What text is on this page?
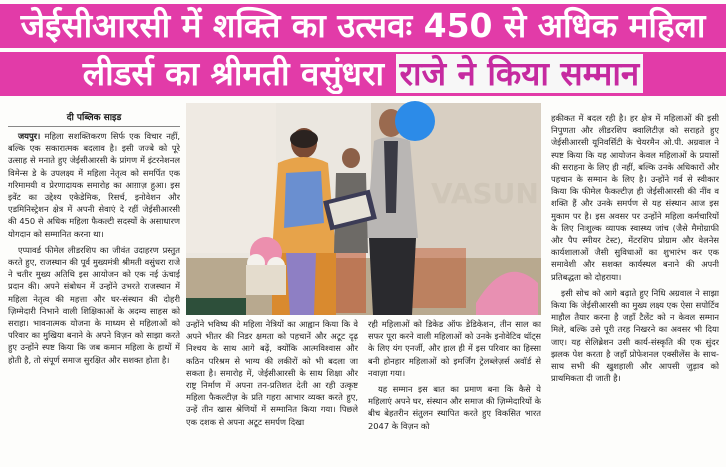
जेईसीआरसी में शक्ति का उत्सवः 450 से अधिक महिला
लीडर्स का श्रीमती वसुंधरा राजे ने किया सम्मान
दी पब्लिक साइड

जयपुर। महिला सशक्तिकरण सिर्फ एक विचार नहीं, बल्कि एक सकारात्मक बदलाव है। इसी जज्बे को पूरे उत्साह से मनाते हुए जेईसीआरसी के प्रांगण में इंटरनेशनल विमेन्स डे के उपलक्ष्य में महिला नेतृत्व को समर्पित एक गरिमामयी व प्रेरणादायक समारोह का आग़ाज़ हुआ। इस इवेंट का उद्देश्य एकेडेमिक, रिसर्च, इनोवेशन और एडमिनिस्ट्रेशन क्षेत्र में अपनी सेवाएं दे रहीं जेईसीआरसी की 450 से अधिक महिला फैकल्टी सदस्यों के असाधारण योगदान को सम्मानित करना था।

एप्पावर्ड फीमेल लीडरशिप का जीवंत उदाहरण प्रस्तुत करते हुए, राजस्थान की पूर्व मुख्यमंत्री श्रीमती वसुंधरा राजे ने चतीर मुख्य अतिथि इस आयोजन को एक नई ऊंचाई प्रदान की। अपने संबोधन में उन्होंने उभरते राजस्थान में महिला नेतृत्व की महत्ता और घर-संस्थान की दोहरी ज़िम्मेदारी निभाने वाली शिक्षिकाओं के अदम्य साहस को सराहा। भावनात्मक योजना के माध्यम से महिलाओं को परिवार का मुखिया बनाने के अपने विज़न को साझा करते हुए उन्होंने स्पष्ट किया कि जब कमान महिला के हाथों में होती है, तो संपूर्ण समाज सुरक्षित और सशक्त होता है।

VASUN
उन्होंने भविष्य की महिला नेत्रियों का आह्वान किया कि वे अपने भीतर की निडर क्षमता को पहचानें और अटूट दृढ़ निश्चय के साथ आगे बढ़ें, क्योंकि आत्मविश्वास और कठिन परिश्रम से भाग्य की लकीरों को भी बदला जा सकता है। समारोह में, जेईसीआरसी के साथ शिक्षा और राष्ट्र निर्माण में अपना तन-प्रतिशत देती आ रही उत्कृष्ट महिला फैकल्टीज़ के प्रति गहरा आभार व्यक्त करते हुए, उन्हें तीन खास श्रेणियों में सम्मानित किया गया। पिछले एक दशक से अपना अटूट समर्पण दिखा
रही महिलाओं को डिकेड ऑफ डेडिकेशन, तीन साल का सफर पूरा करने वाली महिलाओं को उनके इनोवेटिव थॉट्स के लिए यंग एनर्जी, और हाल ही में इस परिवार का हिस्सा बनी होनहार महिलाओं को इमर्जिंग ट्रेलब्लेज़र्स अवॉर्ड से नवाज़ा गया।
यह सम्मान इस बात का प्रमाण बना कि कैसे ये महिलाएं अपने घर, संस्थान और समाज की ज़िम्मेदारियों के बीच बेहतरीन संतुलन स्थापित करते हुए विकसित भारत 2047 के विज़न को

हकीकत में बदल रही है। हर क्षेत्र में महिलाओं की इसी निपुणता और लीडरशिप क्वालिटीज़ को सराहते हुए जेईसीआरसी यूनिवर्सिटी के चेयरमैन ओ.पी. अग्रवाल ने स्पष्ट किया कि यह आयोजन केवल महिलाओं के प्रयासों की सराहना के लिए ही नहीं, बल्कि उनके अधिकारों और पहचान के सम्मान के लिए है। उन्होंने गर्व से स्वीकार किया कि फीमेल फैकल्टीज़ ही जेईसीआरसी की नींव व शक्ति हैं और उनके समर्पण से यह संस्थान आज इस मुकाम पर है। इस अवसर पर उन्होंने महिला कर्मचारियों के लिए निःशुल्क व्यापक स्वास्थ्य जांच (जैसे मैमोग्राफी और पैप स्मीयर टेस्ट), मेंटरशिप प्रोग्राम और वेलनेस कार्यशालाओं जैसी सुविधाओं का शुभारंभ कर एक समावेशी और सशक्त कार्यस्थल बनाने की अपनी प्रतिबद्धता को दोहराया।

इसी सोच को आगे बढ़ाते हुए निधि अग्रवाल ने साझा किया कि जेईसीआरसी का मुख्य लक्ष्य एक ऐसा सपोर्टिव माहौल तैयार करना है जहाँ टैलेंट को न केवल सम्मान मिले, बल्कि उसे पूरी तरह निखरने का अवसर भी दिया जाए। यह सेलिब्रेशन उसी कार्य-संस्कृति की एक सुंदर झलक पेश करता है जहाँ प्रोफेशनल एक्सीलेंस के साथ-साथ सभी की खुशहाली और आपसी जुड़ाव को प्राथमिकता दी जाती है।
